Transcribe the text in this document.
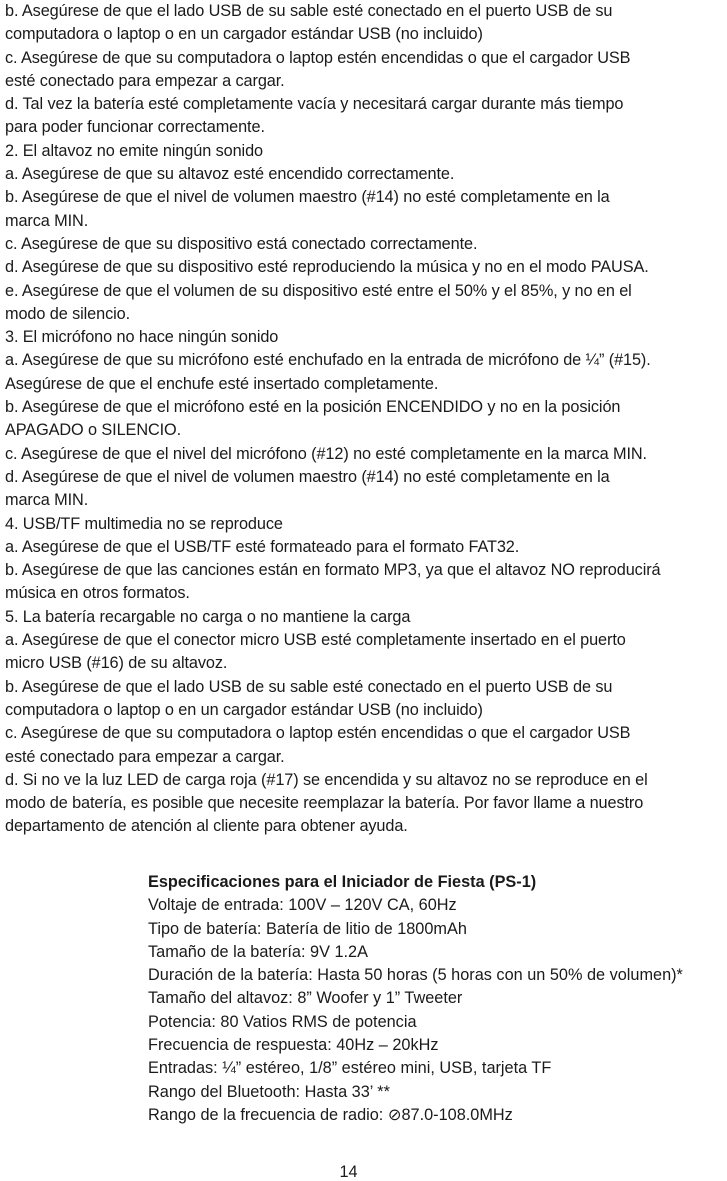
b. Asegúrese de que el lado USB de su sable esté conectado en el puerto USB de su
computadora o laptop o en un cargador estándar USB (no incluido)
c. Asegúrese de que su computadora o laptop estén encendidas o que el cargador USB
esté conectado para empezar a cargar.
d. Tal vez la batería esté completamente vacía y necesitará cargar durante más tiempo
para poder funcionar correctamente.
2. El altavoz no emite ningún sonido
a. Asegúrese de que su altavoz esté encendido correctamente.
b. Asegúrese de que el nivel de volumen maestro (#14) no esté completamente en la
marca MIN.
c. Asegúrese de que su dispositivo está conectado correctamente.
d. Asegúrese de que su dispositivo esté reproduciendo la música y no en el modo PAUSA.
e. Asegúrese de que el volumen de su dispositivo esté entre el 50% y el 85%, y no en el
modo de silencio.
3. El micrófono no hace ningún sonido
a. Asegúrese de que su micrófono esté enchufado en la entrada de micrófono de ¼” (#15).
Asegúrese de que el enchufe esté insertado completamente.
b. Asegúrese de que el micrófono esté en la posición ENCENDIDO y no en la posición
APAGADO o SILENCIO.
c. Asegúrese de que el nivel del micrófono (#12) no esté completamente en la marca MIN.
d. Asegúrese de que el nivel de volumen maestro (#14) no esté completamente en la
marca MIN.
4. USB/TF multimedia no se reproduce
a. Asegúrese de que el USB/TF esté formateado para el formato FAT32.
b. Asegúrese de que las canciones están en formato MP3, ya que el altavoz NO reproducirá
música en otros formatos.
5. La batería recargable no carga o no mantiene la carga
a. Asegúrese de que el conector micro USB esté completamente insertado en el puerto
micro USB (#16) de su altavoz.
b. Asegúrese de que el lado USB de su sable esté conectado en el puerto USB de su
computadora o laptop o en un cargador estándar USB (no incluido)
c. Asegúrese de que su computadora o laptop estén encendidas o que el cargador USB
esté conectado para empezar a cargar.
d. Si no ve la luz LED de carga roja (#17) se encendida y su altavoz no se reproduce en el
modo de batería, es posible que necesite reemplazar la batería. Por favor llame a nuestro
departamento de atención al cliente para obtener ayuda.
Especificaciones para el Iniciador de Fiesta (PS-1)
Voltaje de entrada: 100V – 120V CA, 60Hz
Tipo de batería: Batería de litio de 1800mAh
Tamaño de la batería: 9V 1.2A
Duración de la batería: Hasta 50 horas (5 horas con un 50% de volumen)*
Tamaño del altavoz: 8” Woofer y 1” Tweeter
Potencia: 80 Vatios RMS de potencia
Frecuencia de respuesta: 40Hz – 20kHz
Entradas: ¼” estéreo, 1/8” estéreo mini, USB, tarjeta TF
Rango del Bluetooth: Hasta 33’ **
Rango de la frecuencia de radio: ⊘87.0-108.0MHz
14
